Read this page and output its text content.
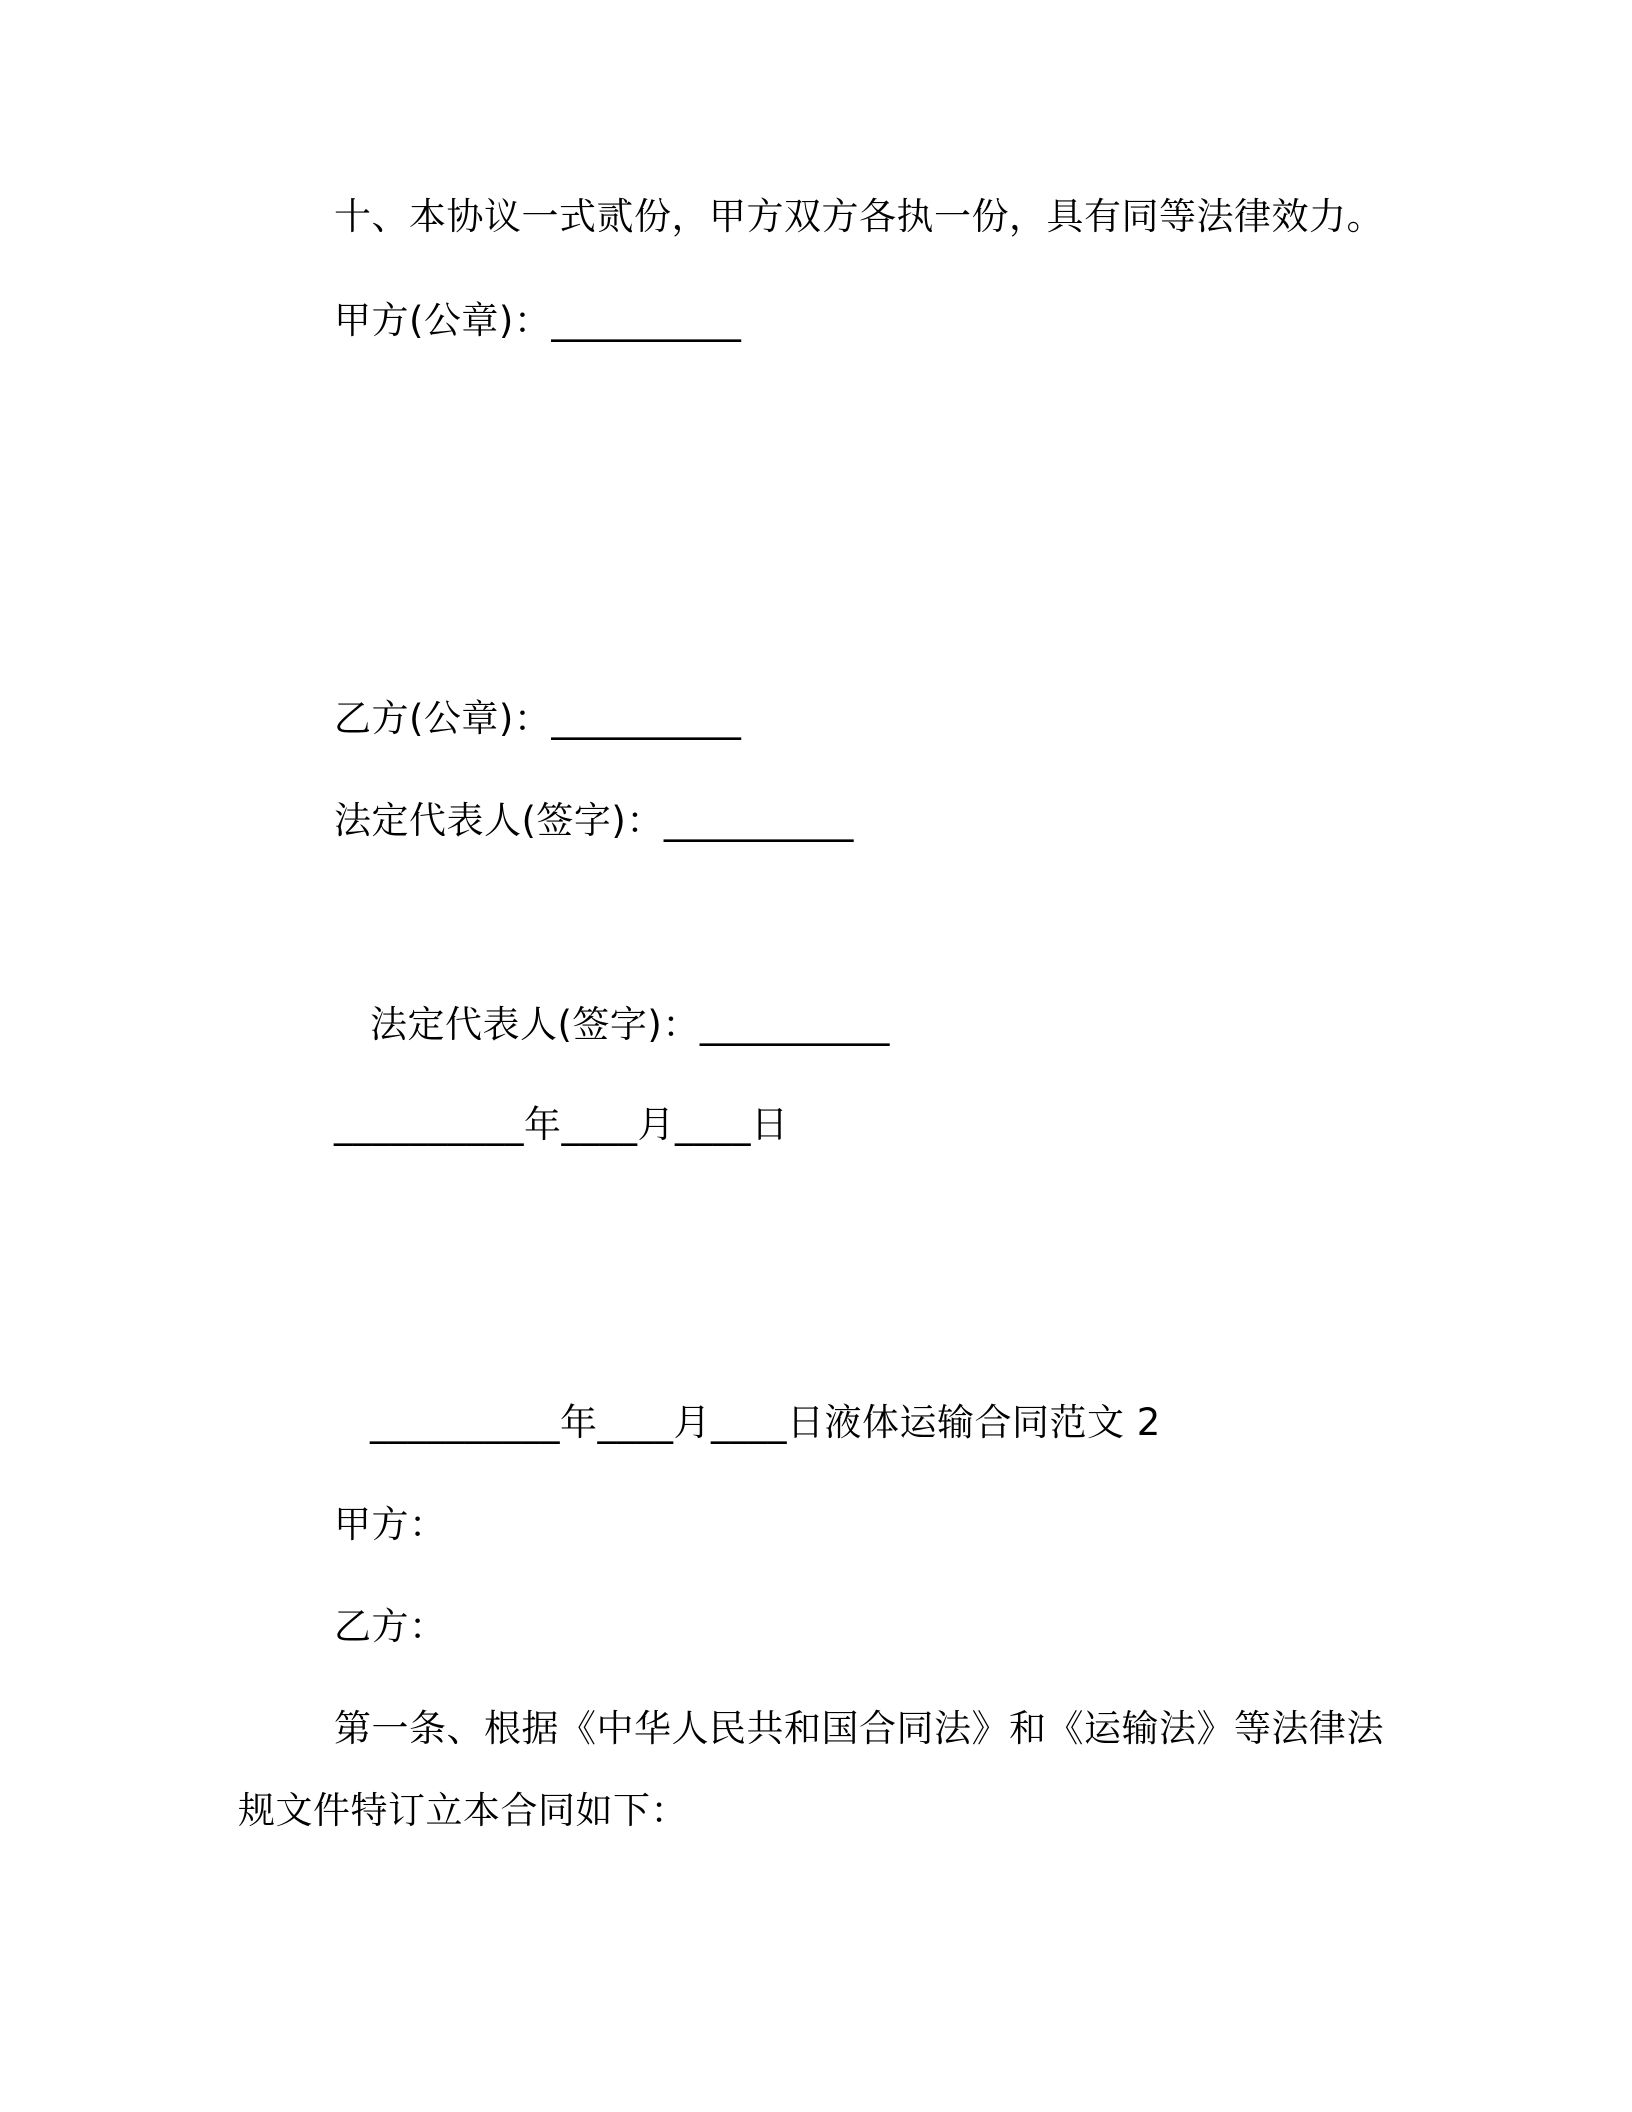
十、本协议一式贰份，甲方双方各执一份，具有同等法律效力。
甲方(公章)：__________
乙方(公章)：__________
法定代表人(签字)：__________
法定代表人(签字)：__________
__________年____月____日
__________年____月____日液体运输合同范文 2
甲方：
乙方：
第一条、根据《中华人民共和国合同法》和《运输法》等法律法
规文件特订立本合同如下：
